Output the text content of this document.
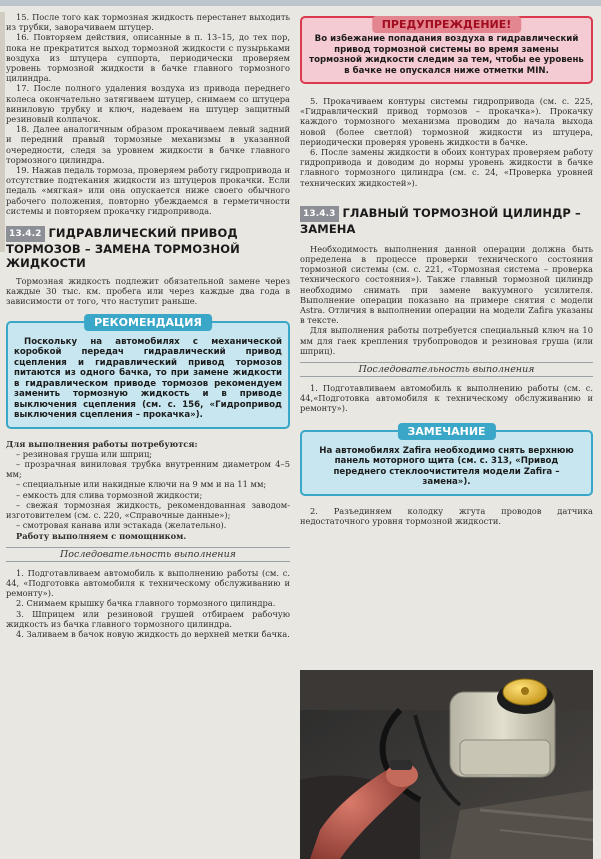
15. После того как тормозная жидкость перестанет выходить из трубки, заворачиваем штуцер.

16. Повторяем действия, описанные в п. 13–15, до тех пор, пока не прекратится выход тормозной жидкости с пузырьками воздуха из штуцера суппорта, периодически проверяем уровень тормозной жидкости в бачке главного тормозного цилиндра.

17. После полного удаления воздуха из привода переднего колеса окончательно затягиваем штуцер, снимаем со штуцера виниловую трубку и ключ, надеваем на штуцер защитный резиновый колпачок.

18. Далее аналогичным образом прокачиваем левый задний и передний правый тормозные механизмы в указанной очередности, следя за уровнем жидкости в бачке главного тормозного цилиндра.

19. Нажав педаль тормоза, проверяем работу гидропривода и отсутствие подтекания жидкости из штуцеров прокачки. Если педаль «мягкая» или она опускается ниже своего обычного рабочего положения, повторно убеждаемся в герметичности системы и повторяем прокачку гидропривода.

13.4.2 ГИДРАВЛИЧЕСКИЙ ПРИВОД ТОРМОЗОВ – ЗАМЕНА ТОРМОЗНОЙ ЖИДКОСТИ

Тормозная жидкость подлежит обязательной замене через каждые 30 тыс. км. пробега или через каждые два года в зависимости от того, что наступит раньше.

РЕКОМЕНДАЦИЯ

Поскольку на автомобилях с механической коробкой передач гидравлический привод сцепления и гидравлический привод тормозов питаются из одного бачка, то при замене жидкости в гидравлическом приводе тормозов рекомендуем заменить тормозную жидкость и в приводе выключения сцепления (см. с. 156, «Гидропривод выключения сцепления – прокачка»).

Для выполнения работы потребуются:

– резиновая груша или шприц;

– прозрачная виниловая трубка внутренним диаметром 4–5 мм;

– специальные или накидные ключи на 9 мм и на 11 мм;

– емкость для слива тормозной жидкости;

– свежая тормозная жидкость, рекомендованная заводом-изготовителем (см. с. 220, «Справочные данные»);

– смотровая канава или эстакада (желательно).

Работу выполняем с помощником.

Последовательность выполнения

1. Подготавливаем автомобиль к выполнению работы (см. с. 44, «Подготовка автомобиля к техническому обслуживанию и ремонту»).

2. Снимаем крышку бачка главного тормозного цилиндра.

3. Шприцем или резиновой грушей отбираем рабочую жидкость из бачка главного тормозного цилиндра.

4. Заливаем в бачок новую жидкость до верхней метки бачка.

ПРЕДУПРЕЖДЕНИЕ!

Во избежание попадания воздуха в гидравлический привод тормозной системы во время замены тормозной жидкости следим за тем, чтобы ее уровень в бачке не опускался ниже отметки MIN.

5. Прокачиваем контуры системы гидропривода (см. с. 225, «Гидравлический привод тормозов – прокачка»). Прокачку каждого тормозного механизма проводим до начала выхода новой (более светлой) тормозной жидкости из штуцера, периодически проверяя уровень жидкости в бачке.

6. После замены жидкости в обоих контурах проверяем работу гидропривода и доводим до нормы уровень жидкости в бачке главного тормозного цилиндра (см. с. 24, «Проверка уровней технических жидкостей»).

13.4.3 ГЛАВНЫЙ ТОРМОЗНОЙ ЦИЛИНДР – ЗАМЕНА

Необходимость выполнения данной операции должна быть определена в процессе проверки технического состояния тормозной системы (см. с. 221, «Тормозная система – проверка технического состояния»). Также главный тормозной цилиндр необходимо снимать при замене вакуумного усилителя. Выполнение операции показано на примере снятия с модели Astra. Отличия в выполнении операции на модели Zafira указаны в тексте.

Для выполнения работы потребуется специальный ключ на 10 мм для гаек крепления трубопроводов и резиновая груша (или шприц).

Последовательность выполнения

1. Подготавливаем автомобиль к выполнению работы (см. с. 44,«Подготовка автомобиля к техническому обслуживанию и ремонту»).

ЗАМЕЧАНИЕ

На автомобилях Zafira необходимо снять верхнюю панель моторного щита (см. с. 313, «Привод переднего стеклоочистителя модели Zafira – замена»).

2. Разъединяем колодку жгута проводов датчика недостаточного уровня тормозной жидкости.
